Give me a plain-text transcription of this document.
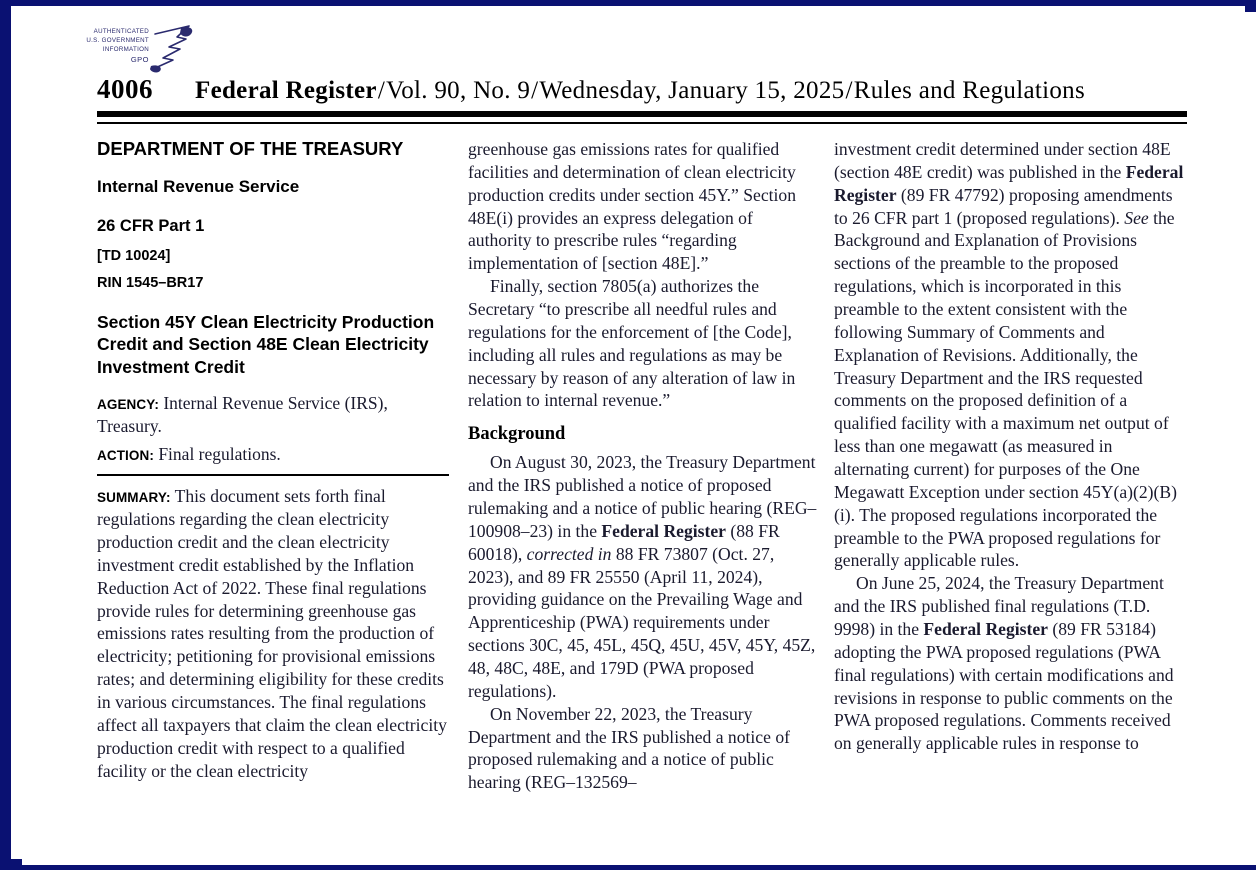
AUTHENTICATED
U.S. GOVERNMENT
INFORMATION
GPO
4006 Federal Register/Vol. 90, No. 9/Wednesday, January 15, 2025/Rules and Regulations
DEPARTMENT OF THE TREASURY
Internal Revenue Service
26 CFR Part 1
[TD 10024]
RIN 1545–BR17
Section 45Y Clean Electricity Production Credit and Section 48E Clean Electricity Investment Credit

AGENCY: Internal Revenue Service (IRS), Treasury.

ACTION: Final regulations.

SUMMARY: This document sets forth final regulations regarding the clean electricity production credit and the clean electricity investment credit established by the Inflation Reduction Act of 2022. These final regulations provide rules for determining greenhouse gas emissions rates resulting from the production of electricity; petitioning for provisional emissions rates; and determining eligibility for these credits in various circumstances. The final regulations affect all taxpayers that claim the clean electricity production credit with respect to a qualified facility or the clean electricity

greenhouse gas emissions rates for qualified facilities and determination of clean electricity production credits under section 45Y.” Section 48E(i) provides an express delegation of authority to prescribe rules “regarding implementation of [section 48E].”

Finally, section 7805(a) authorizes the Secretary “to prescribe all needful rules and regulations for the enforcement of [the Code], including all rules and regulations as may be necessary by reason of any alteration of law in relation to internal revenue.”

Background

On August 30, 2023, the Treasury Department and the IRS published a notice of proposed rulemaking and a notice of public hearing (REG–100908–23) in the Federal Register (88 FR 60018), corrected in 88 FR 73807 (Oct. 27, 2023), and 89 FR 25550 (April 11, 2024), providing guidance on the Prevailing Wage and Apprenticeship (PWA) requirements under sections 30C, 45, 45L, 45Q, 45U, 45V, 45Y, 45Z, 48, 48C, 48E, and 179D (PWA proposed regulations).

On November 22, 2023, the Treasury Department and the IRS published a notice of proposed rulemaking and a notice of public hearing (REG–132569–

investment credit determined under section 48E (section 48E credit) was published in the Federal Register (89 FR 47792) proposing amendments to 26 CFR part 1 (proposed regulations). See the Background and Explanation of Provisions sections of the preamble to the proposed regulations, which is incorporated in this preamble to the extent consistent with the following Summary of Comments and Explanation of Revisions. Additionally, the Treasury Department and the IRS requested comments on the proposed definition of a qualified facility with a maximum net output of less than one megawatt (as measured in alternating current) for purposes of the One Megawatt Exception under section 45Y(a)(2)(B)(i). The proposed regulations incorporated the preamble to the PWA proposed regulations for generally applicable rules.

On June 25, 2024, the Treasury Department and the IRS published final regulations (T.D. 9998) in the Federal Register (89 FR 53184) adopting the PWA proposed regulations (PWA final regulations) with certain modifications and revisions in response to public comments on the PWA proposed regulations. Comments received on generally applicable rules in response to
